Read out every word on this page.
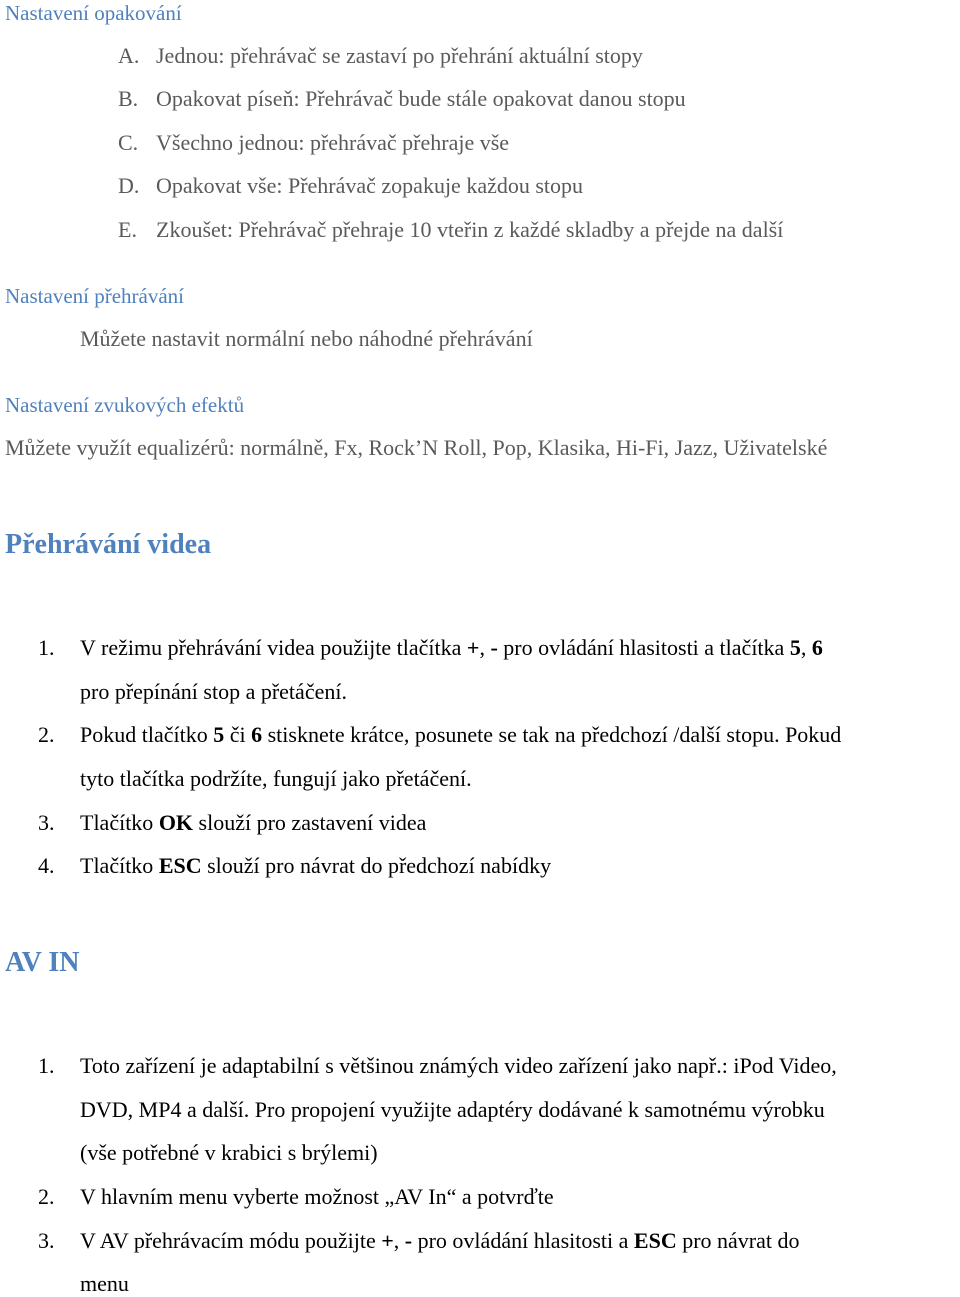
Nastavení opakování
A. Jednou: přehrávač se zastaví po přehrání aktuální stopy
B. Opakovat píseň: Přehrávač bude stále opakovat danou stopu
C. Všechno jednou: přehrávač přehraje vše
D. Opakovat vše: Přehrávač zopakuje každou stopu
E. Zkoušet: Přehrávač přehraje 10 vteřin z každé skladby a přejde na další
Nastavení přehrávání

Můžete nastavit normální nebo náhodné přehrávání

Nastavení zvukových efektů

Můžete využít equalizérů: normálně, Fx, Rock’N Roll, Pop, Klasika, Hi-Fi, Jazz, Uživatelské

Přehrávání videa
1. V režimu přehrávání videa použijte tlačítka +, - pro ovládání hlasitosti a tlačítka 5, 6

pro přepínání stop a přetáčení.

2. Pokud tlačítko 5 či 6 stisknete krátce, posunete se tak na předchozí /další stopu. Pokud

tyto tlačítka podržíte, fungují jako přetáčení.

3. Tlačítko OK slouží pro zastavení videa

4. Tlačítko ESC slouží pro návrat do předchozí nabídky

AV IN
1. Toto zařízení je adaptabilní s většinou známých video zařízení jako např.: iPod Video,

DVD, MP4 a další. Pro propojení využijte adaptéry dodávané k samotnému výrobku

(vše potřebné v krabici s brýlemi)

2. V hlavním menu vyberte možnost „AV In“ a potvrďte

3. V AV přehrávacím módu použijte +, - pro ovládání hlasitosti a ESC pro návrat do

menu
